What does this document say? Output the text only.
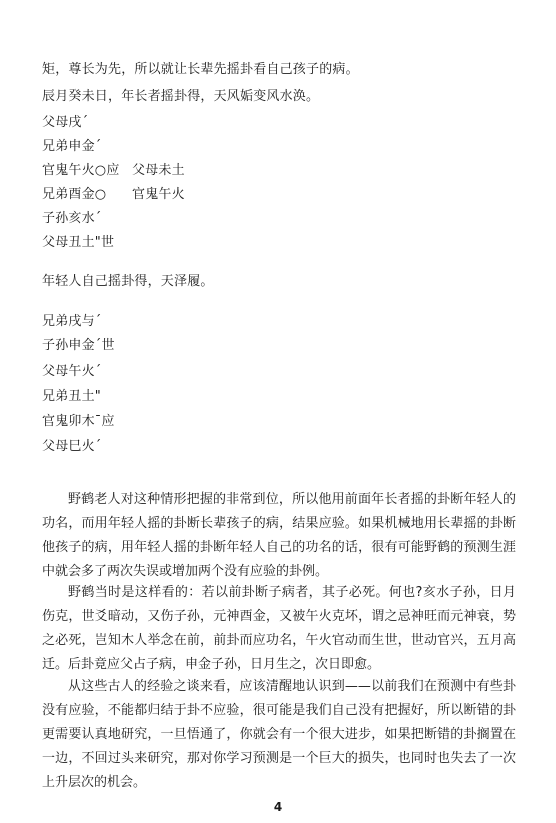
矩，尊长为先，所以就让长辈先摇卦看自己孩子的病。
辰月癸未日，年长者摇卦得，天风姤变风水涣。
父母戌ˊ
兄弟申金ˊ
官鬼午火○应 父母未土
兄弟酉金○ 官鬼午火
子孙亥水ˊ
父母丑土"世
年轻人自己摇卦得，天泽履。
兄弟戌与ˊ
子孙申金ˊ世
父母午火ˊ
兄弟丑土"
官鬼卯木ˉ应
父母巳火ˊ

野鹤老人对这种情形把握的非常到位，所以他用前面年长者摇的卦断年轻人的功名，而用年轻人摇的卦断长辈孩子的病，结果应验。如果机械地用长辈摇的卦断他孩子的病，用年轻人摇的卦断年轻人自己的功名的话，很有可能野鹤的预测生涯中就会多了两次失误或增加两个没有应验的卦例。

野鹤当时是这样看的：若以前卦断子病者，其子必死。何也?亥水子孙，日月伤克，世爻暗动，又伤子孙，元神酉金，又被午火克坏，谓之忌神旺而元神衰，势之必死，岂知木人举念在前，前卦而应功名，午火官动而生世，世动官兴，五月高迁。后卦竟应父占子病，申金子孙，日月生之，次日即愈。

从这些古人的经验之谈来看，应该清醒地认识到——以前我们在预测中有些卦没有应验，不能都归结于卦不应验，很可能是我们自己没有把握好，所以断错的卦更需要认真地研究，一旦悟通了，你就会有一个很大进步，如果把断错的卦搁置在一边，不回过头来研究，那对你学习预测是一个巨大的损失，也同时也失去了一次上升层次的机会。

4
